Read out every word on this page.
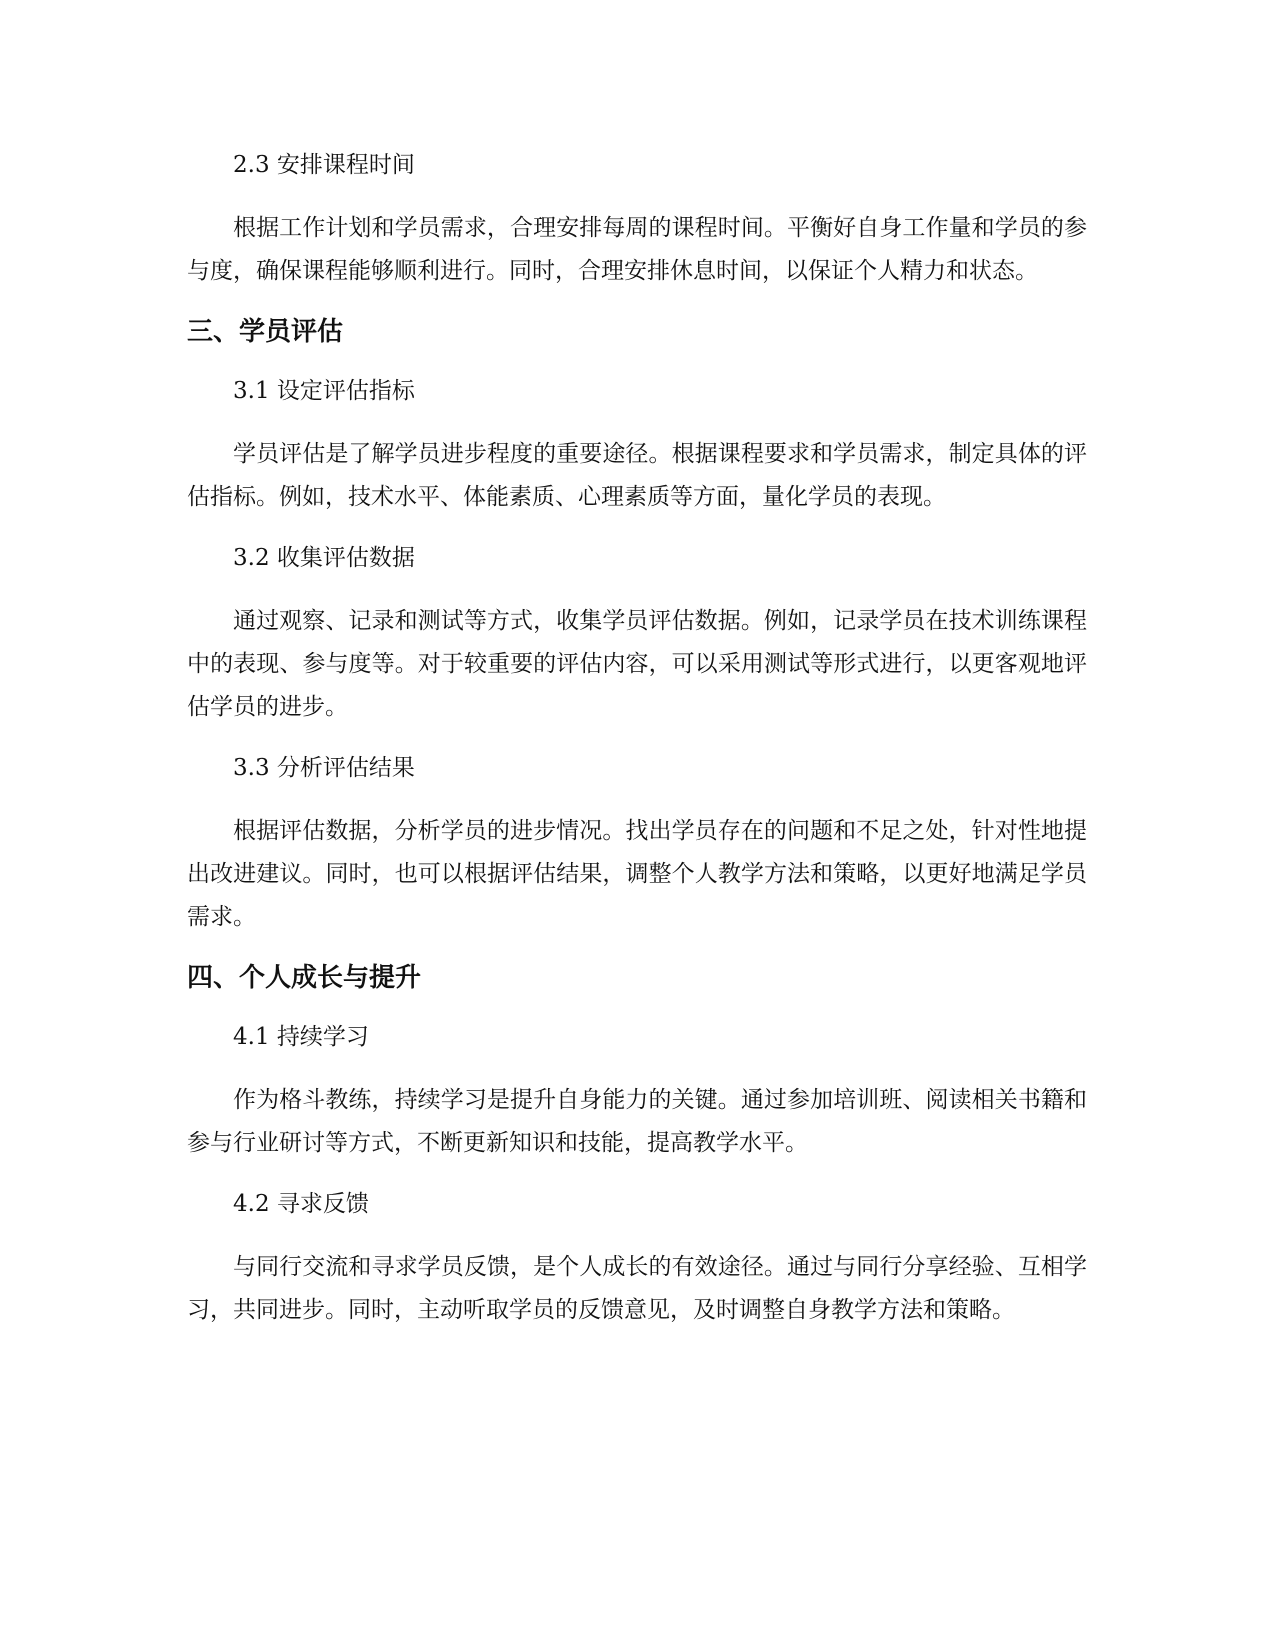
2.3 安排课程时间

根据工作计划和学员需求，合理安排每周的课程时间。平衡好自身工作量和学员的参与度，确保课程能够顺利进行。同时，合理安排休息时间，以保证个人精力和状态。

三、学员评估

3.1 设定评估指标

学员评估是了解学员进步程度的重要途径。根据课程要求和学员需求，制定具体的评估指标。例如，技术水平、体能素质、心理素质等方面，量化学员的表现。

3.2 收集评估数据

通过观察、记录和测试等方式，收集学员评估数据。例如，记录学员在技术训练课程中的表现、参与度等。对于较重要的评估内容，可以采用测试等形式进行，以更客观地评估学员的进步。

3.3 分析评估结果

根据评估数据，分析学员的进步情况。找出学员存在的问题和不足之处，针对性地提出改进建议。同时，也可以根据评估结果，调整个人教学方法和策略，以更好地满足学员需求。

四、个人成长与提升

4.1 持续学习

作为格斗教练，持续学习是提升自身能力的关键。通过参加培训班、阅读相关书籍和参与行业研讨等方式，不断更新知识和技能，提高教学水平。

4.2 寻求反馈

与同行交流和寻求学员反馈，是个人成长的有效途径。通过与同行分享经验、互相学习，共同进步。同时，主动听取学员的反馈意见，及时调整自身教学方法和策略。
